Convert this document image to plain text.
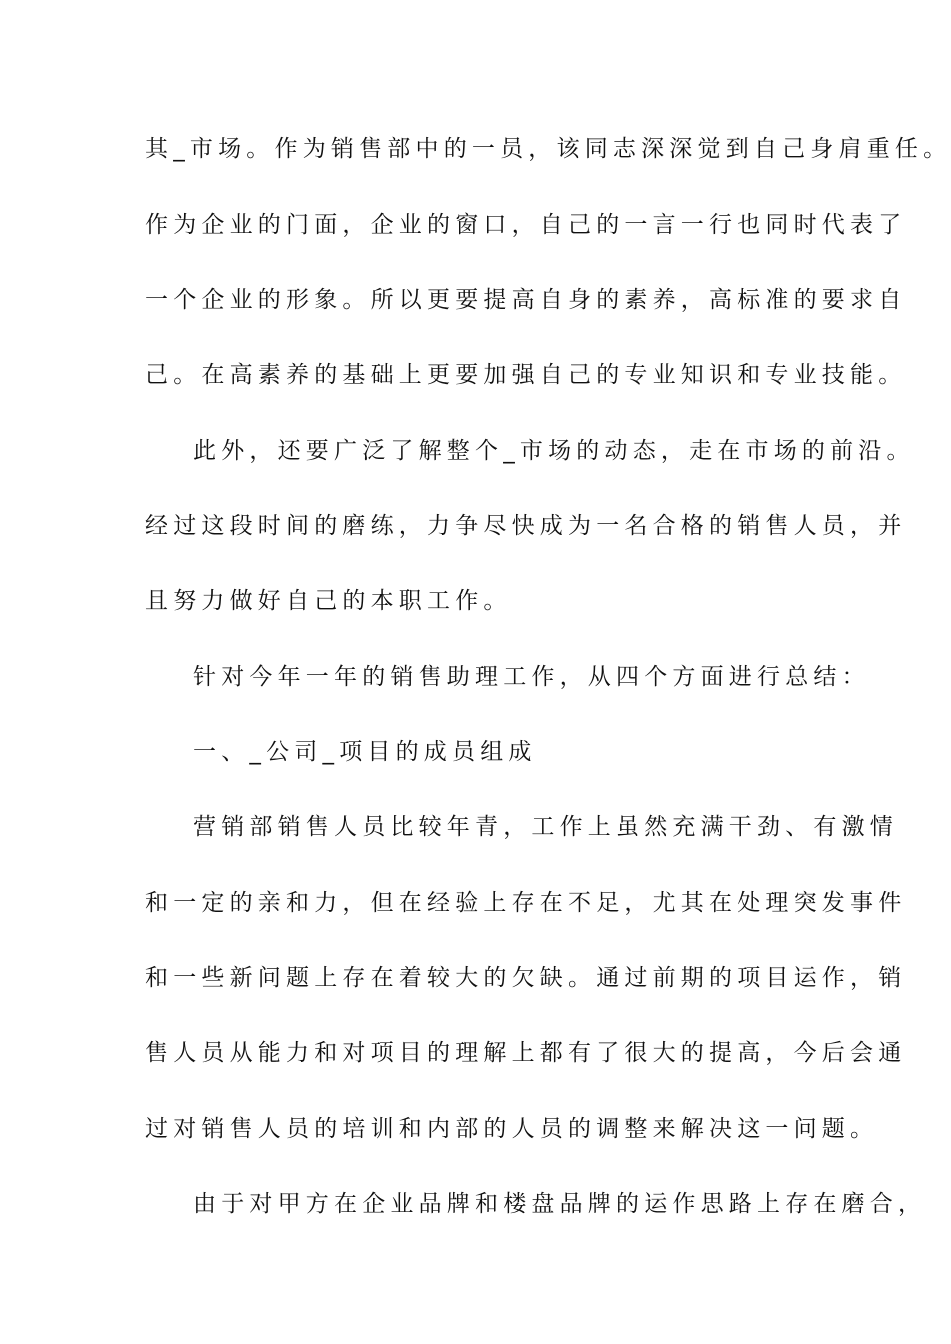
其_市场。作为销售部中的一员，该同志深深觉到自己身肩重任。
作为企业的门面，企业的窗口，自己的一言一行也同时代表了
一个企业的形象。所以更要提高自身的素养，高标准的要求自
己。在高素养的基础上更要加强自己的专业知识和专业技能。
此外，还要广泛了解整个_市场的动态，走在市场的前沿。
经过这段时间的磨练，力争尽快成为一名合格的销售人员，并
且努力做好自己的本职工作。
针对今年一年的销售助理工作，从四个方面进行总结：
一、_公司_项目的成员组成
营销部销售人员比较年青，工作上虽然充满干劲、有激情
和一定的亲和力，但在经验上存在不足，尤其在处理突发事件
和一些新问题上存在着较大的欠缺。通过前期的项目运作，销
售人员从能力和对项目的理解上都有了很大的提高，今后会通
过对销售人员的培训和内部的人员的调整来解决这一问题。
由于对甲方在企业品牌和楼盘品牌的运作思路上存在磨合，
